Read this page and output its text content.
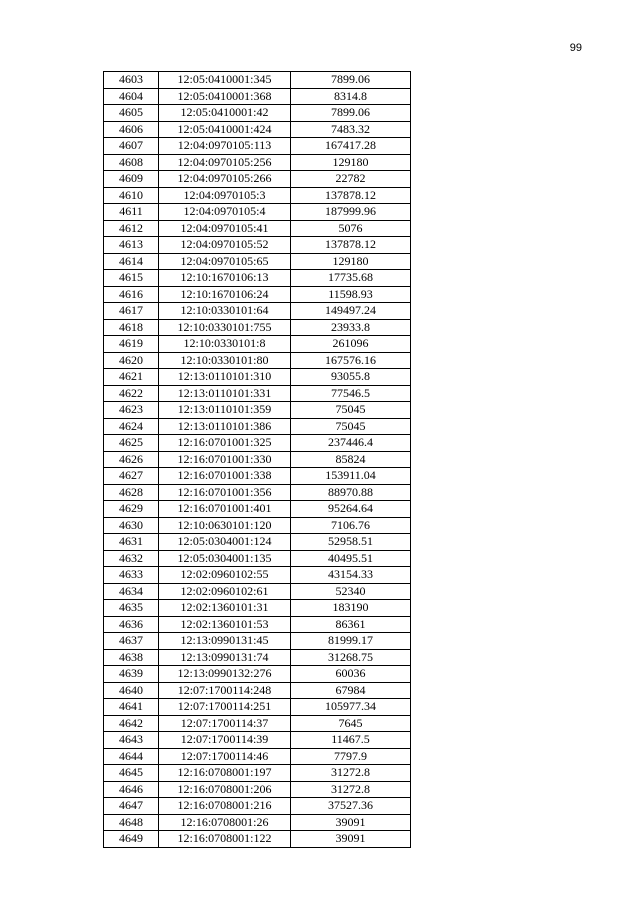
99
4603	12:05:0410001:345	7899.06
4604	12:05:0410001:368	8314.8
4605	12:05:0410001:42	7899.06
4606	12:05:0410001:424	7483.32
4607	12:04:0970105:113	167417.28
4608	12:04:0970105:256	129180
4609	12:04:0970105:266	22782
4610	12:04:0970105:3	137878.12
4611	12:04:0970105:4	187999.96
4612	12:04:0970105:41	5076
4613	12:04:0970105:52	137878.12
4614	12:04:0970105:65	129180
4615	12:10:1670106:13	17735.68
4616	12:10:1670106:24	11598.93
4617	12:10:0330101:64	149497.24
4618	12:10:0330101:755	23933.8
4619	12:10:0330101:8	261096
4620	12:10:0330101:80	167576.16
4621	12:13:0110101:310	93055.8
4622	12:13:0110101:331	77546.5
4623	12:13:0110101:359	75045
4624	12:13:0110101:386	75045
4625	12:16:0701001:325	237446.4
4626	12:16:0701001:330	85824
4627	12:16:0701001:338	153911.04
4628	12:16:0701001:356	88970.88
4629	12:16:0701001:401	95264.64
4630	12:10:0630101:120	7106.76
4631	12:05:0304001:124	52958.51
4632	12:05:0304001:135	40495.51
4633	12:02:0960102:55	43154.33
4634	12:02:0960102:61	52340
4635	12:02:1360101:31	183190
4636	12:02:1360101:53	86361
4637	12:13:0990131:45	81999.17
4638	12:13:0990131:74	31268.75
4639	12:13:0990132:276	60036
4640	12:07:1700114:248	67984
4641	12:07:1700114:251	105977.34
4642	12:07:1700114:37	7645
4643	12:07:1700114:39	11467.5
4644	12:07:1700114:46	7797.9
4645	12:16:0708001:197	31272.8
4646	12:16:0708001:206	31272.8
4647	12:16:0708001:216	37527.36
4648	12:16:0708001:26	39091
4649	12:16:0708001:122	39091
